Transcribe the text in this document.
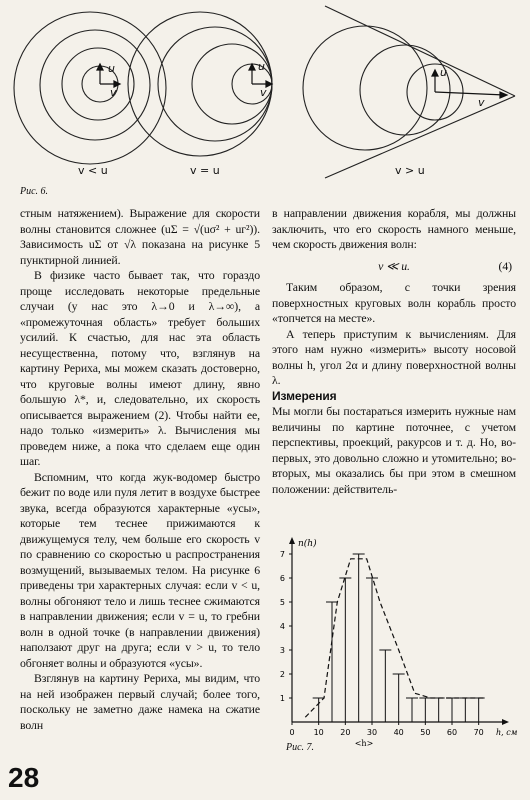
u
v
v < u
u
v
v = u
u
v
v > u
Рис. 6.

стным натяжением). Выражение для скорости волны становится сложнее (uΣ = √(uσ² + uг²)). Зависимость uΣ от √λ показана на рисунке 5 пунктирной линией.

В физике часто бывает так, что гораздо проще исследовать некоторые предельные случаи (у нас это λ→0 и λ→∞), а «промежуточная область» требует больших усилий. К счастью, для нас эта область несущественна, потому что, взглянув на картину Рериха, мы можем сказать достоверно, что круговые волны имеют длину, явно большую λ*, и, следовательно, их скорость описывается выражением (2). Чтобы найти ее, надо только «измерить» λ. Вычисления мы проведем ниже, а пока что сделаем еще один шаг.

Вспомним, что когда жук-водомер быстро бежит по воде или пуля летит в воздухе быстрее звука, всегда образуются характерные «усы», которые тем теснее прижимаются к движущемуся телу, чем больше его скорость v по сравнению со скоростью u распространения возмущений, вызываемых телом. На рисунке 6 приведены три характерных случая: если v < u, волны обгоняют тело и лишь теснее сжимаются в направлении движения; если v = u, то гребни волн в одной точке (в направлении движения) наползают друг на друга; если v > u, то тело обгоняет волны и образуются «усы».

Взглянув на картину Рериха, мы видим, что на ней изображен первый случай; более того, поскольку не заметно даже намека на сжатие волн

в направлении движения корабля, мы должны заключить, что его скорость намного меньше, чем скорость движения волн:

v ≪ u.	(4)

Таким образом, с точки зрения поверхностных круговых волн корабль просто «топчется на месте».

А теперь приступим к вычислениям. Для этого нам нужно «измерить» высоту носовой волны h, угол 2α и длину поверхностной волны λ.

Измерения

Мы могли бы постараться измерить нужные нам величины по картине поточнее, с учетом перспективы, проекций, ракурсов и т. д. Но, во-первых, это довольно сложно и утомительно; во-вторых, мы оказались бы при этом в смешном положении: действитель-

1
2
3
4
5
6
7
0 10 20 30 40 50 60 70
n(h)
h, см
<h>
Рис. 7.
28
